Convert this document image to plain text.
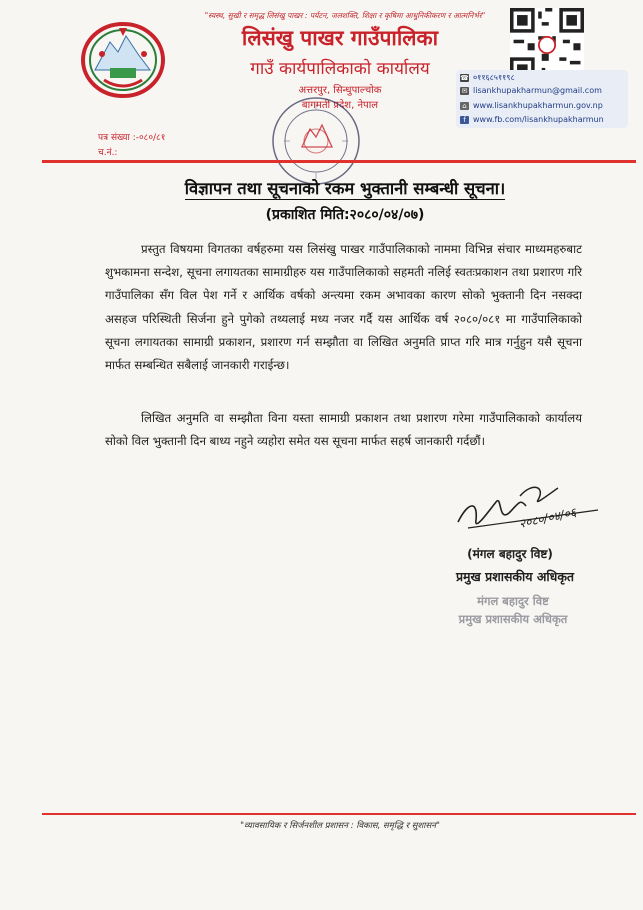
"स्वस्थ, सुखी र समृद्ध लिसंखु पाखर : पर्यटन, जलशक्ति, शिक्षा र कृषिमा आधुनिकीकरण र आत्मनिर्भर"
लिसंखु पाखर गाउँपालिका
गाउँ कार्यपालिकाको कार्यालय
अत्तरपुर, सिन्धुपाल्चोक
बागमती प्रदेश, नेपाल
☎ ०११६८५११९८
✉ lisankhupakharmun@gmail.com
⌂ www.lisankhupakharmun.gov.np
f www.fb.com/lisankhupakharmun
पत्र संख्या :-०८०/८१
च.नं.:
विज्ञापन तथा सूचनाको रकम भुक्तानी सम्बन्धी सूचना।
(प्रकाशित मिति:२०८०/०४/०७)
प्रस्तुत विषयमा विगतका वर्षहरुमा यस लिसंखु पाखर गाउँपालिकाको नाममा विभिन्न संचार माध्यमहरुबाट शुभकामना सन्देश, सूचना लगायतका सामाग्रीहरु यस गाउँपालिकाको सहमती नलिई स्वतःप्रकाशन तथा प्रशारण गरि गाउँपालिका सँग विल पेश गर्ने र आर्थिक वर्षको अन्त्यमा रकम अभावका कारण सोको भुक्तानी दिन नसक्दा असहज परिस्थिती सिर्जना हुने पुगेको तथ्यलाई मध्य नजर गर्दै यस आर्थिक वर्ष २०८०/०८१ मा गाउँपालिकाको सूचना लगायतका सामाग्री प्रकाशन, प्रशारण गर्न सम्झौता वा लिखित अनुमति प्राप्त गरि मात्र गर्नुहुन यसै सूचना मार्फत सम्बन्धित सबैलाई जानकारी गराईन्छ।
लिखित अनुमति वा सम्झौता विना यस्ता सामाग्री प्रकाशन तथा प्रशारण गरेमा गाउँपालिकाको कार्यालय सोको विल भुक्तानी दिन बाध्य नहुने व्यहोरा समेत यस सूचना मार्फत सहर्ष जानकारी गर्दछौं।
२०८०/०४/०६
(मंगल बहादुर विष्ट)
प्रमुख प्रशासकीय अधिकृत
मंगल बहादुर विष्ट
प्रमुख प्रशासकीय अधिकृत
"व्यावसायिक र सिर्जनशील प्रशासन : विकास, समृद्धि र सुशासन"
